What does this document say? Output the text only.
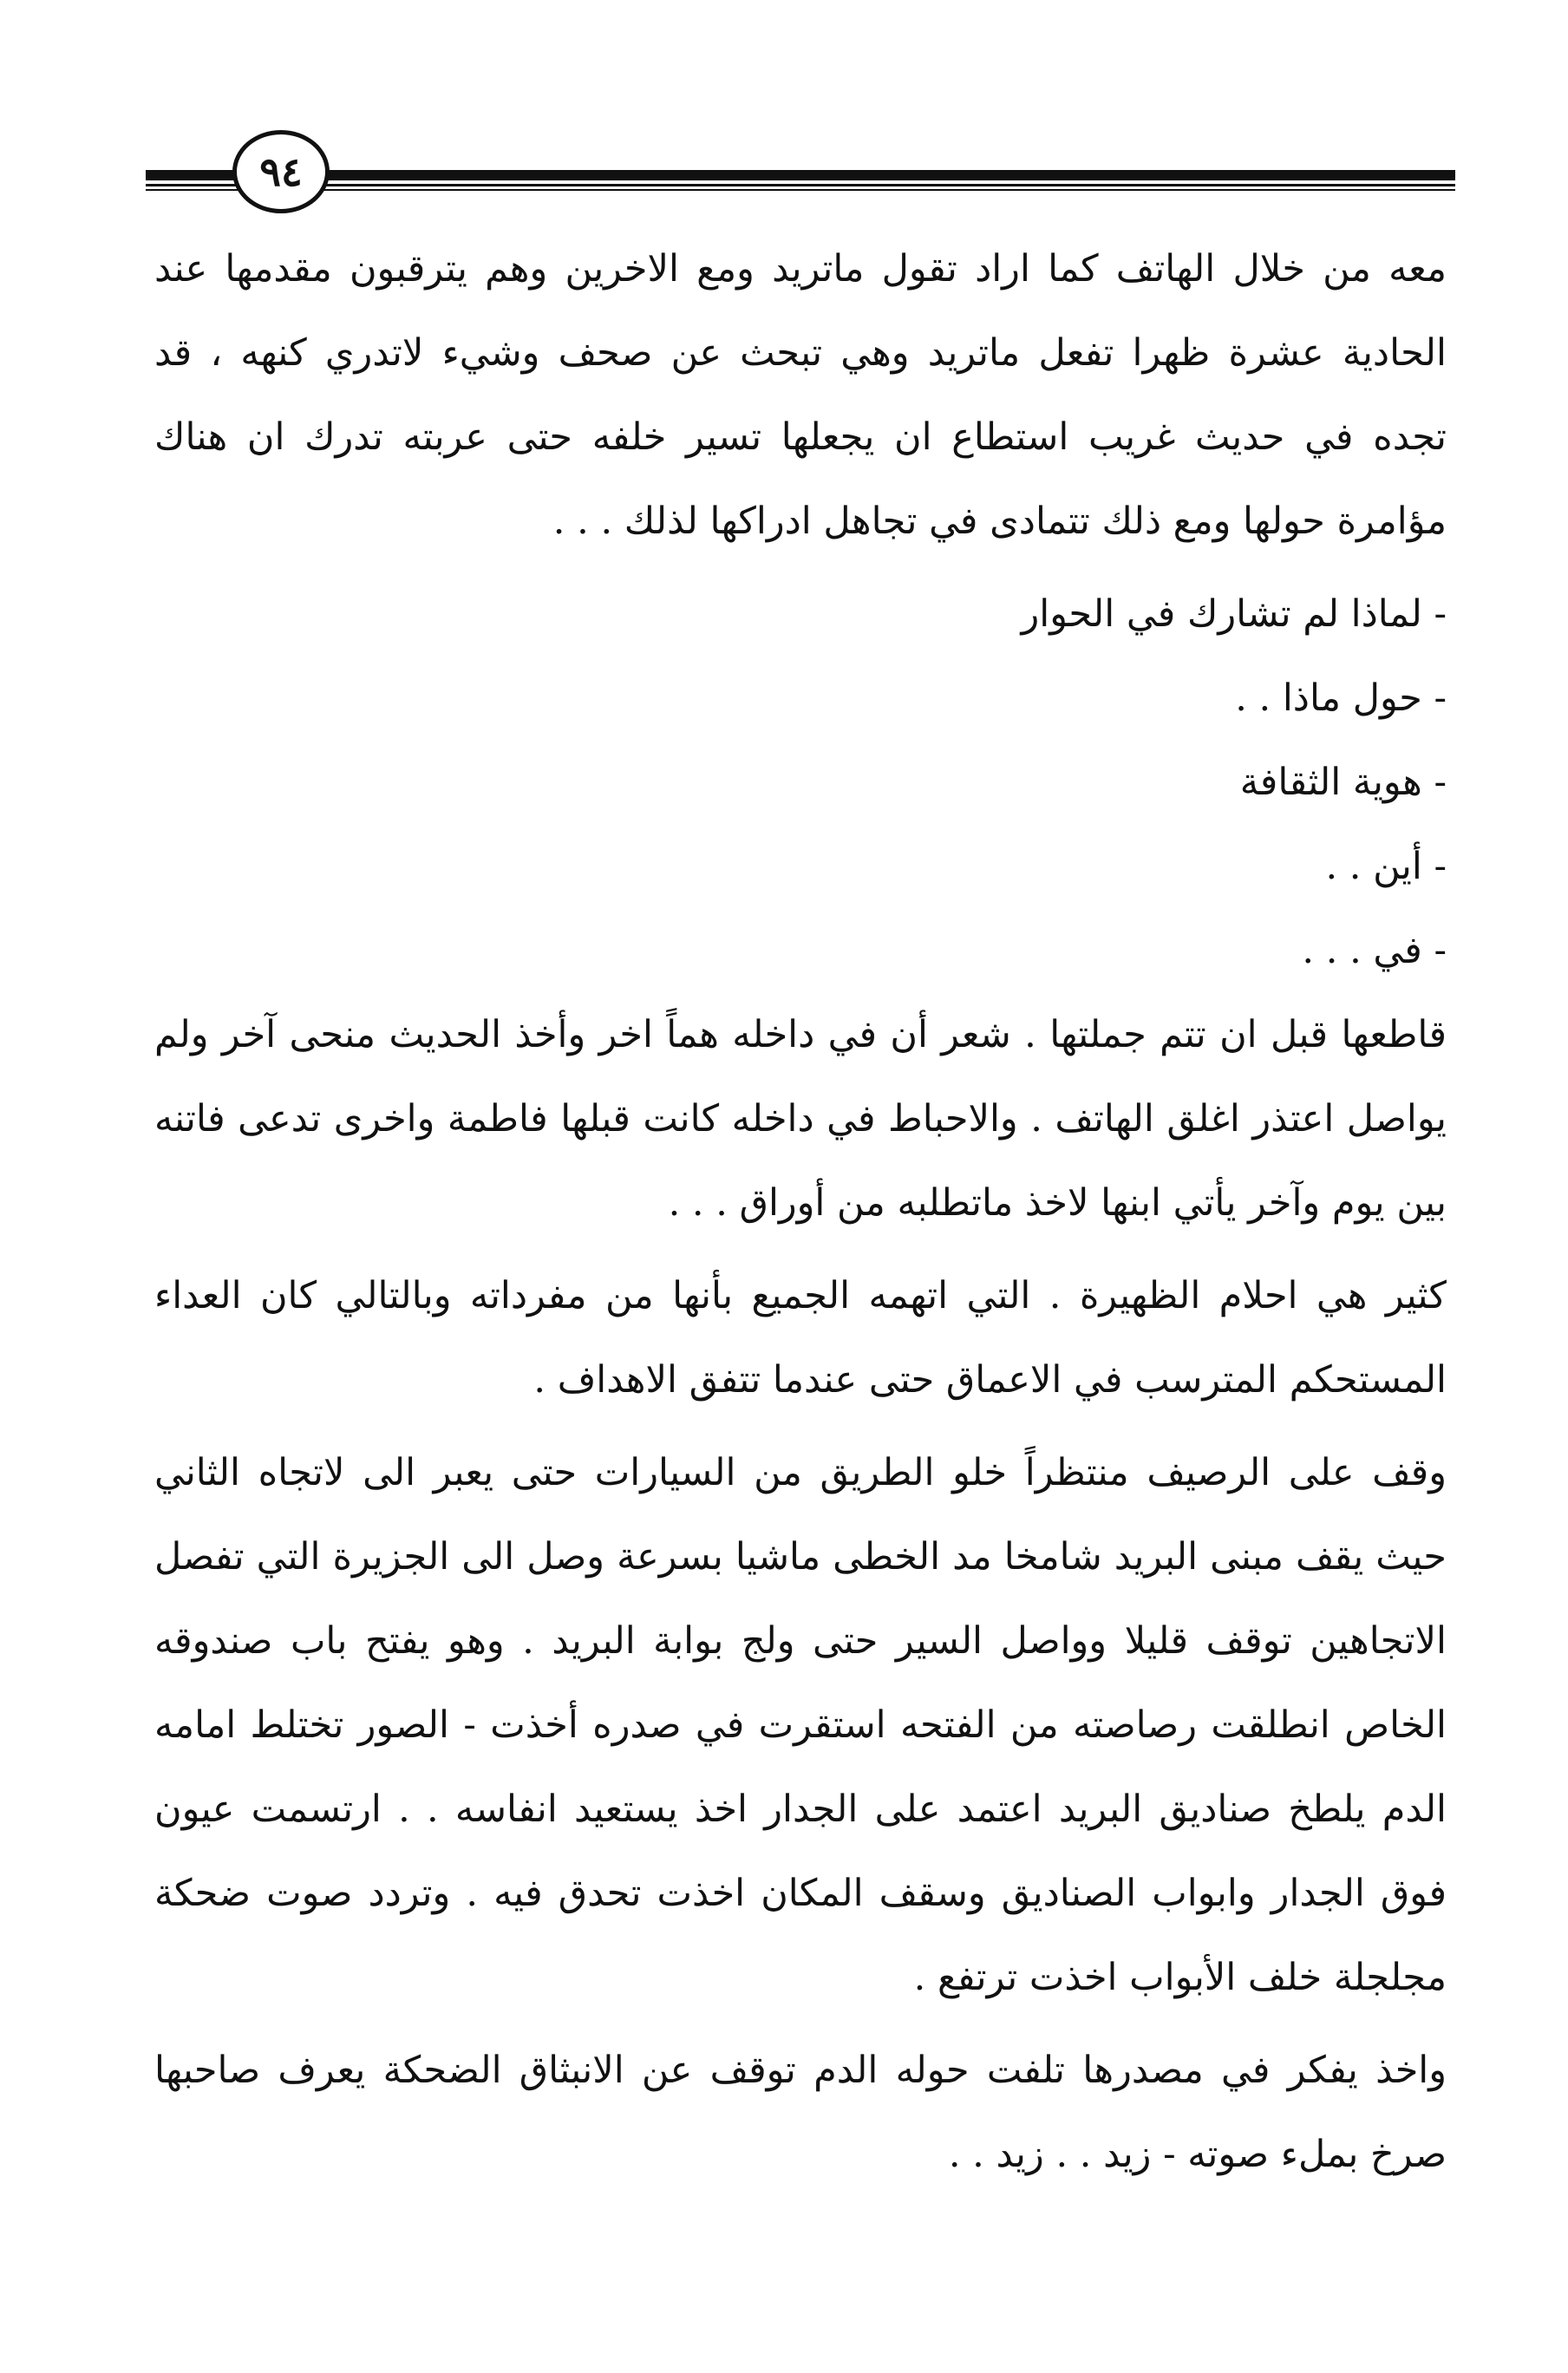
٩٤

معه من خلال الهاتف كما اراد تقول ماتريد ومع الاخرين وهم يترقبون مقدمها عند الحادية عشرة ظهرا تفعل ماتريد وهي تبحث عن صحف وشيء لاتدري كنهه ، قد تجده في حديث غريب استطاع ان يجعلها تسير خلفه حتى عربته تدرك ان هناك مؤامرة حولها ومع ذلك تتمادى في تجاهل ادراكها لذلك . . .

- لماذا لم تشارك في الحوار

- حول ماذا . .

- هوية الثقافة

- أين . .

- في . . .

قاطعها قبل ان تتم جملتها . شعر أن في داخله هماً اخر وأخذ الحديث منحى آخر ولم يواصل اعتذر اغلق الهاتف . والاحباط في داخله كانت قبلها فاطمة واخرى تدعى فاتنه بين يوم وآخر يأتي ابنها لاخذ ماتطلبه من أوراق . . .

كثير هي احلام الظهيرة . التي اتهمه الجميع بأنها من مفرداته وبالتالي كان العداء المستحكم المترسب في الاعماق حتى عندما تتفق الاهداف .

وقف على الرصيف منتظراً خلو الطريق من السيارات حتى يعبر الى لاتجاه الثاني حيث يقف مبنى البريد شامخا مد الخطى ماشيا بسرعة وصل الى الجزيرة التي تفصل الاتجاهين توقف قليلا وواصل السير حتى ولج بوابة البريد . وهو يفتح باب صندوقه الخاص انطلقت رصاصته من الفتحه استقرت في صدره أخذت - الصور تختلط امامه الدم يلطخ صناديق البريد اعتمد على الجدار اخذ يستعيد انفاسه . . ارتسمت عيون فوق الجدار وابواب الصناديق وسقف المكان اخذت تحدق فيه . وتردد صوت ضحكة مجلجلة خلف الأبواب اخذت ترتفع .

واخذ يفكر في مصدرها تلفت حوله الدم توقف عن الانبثاق الضحكة يعرف صاحبها صرخ بملء صوته - زيد . . زيد . .
